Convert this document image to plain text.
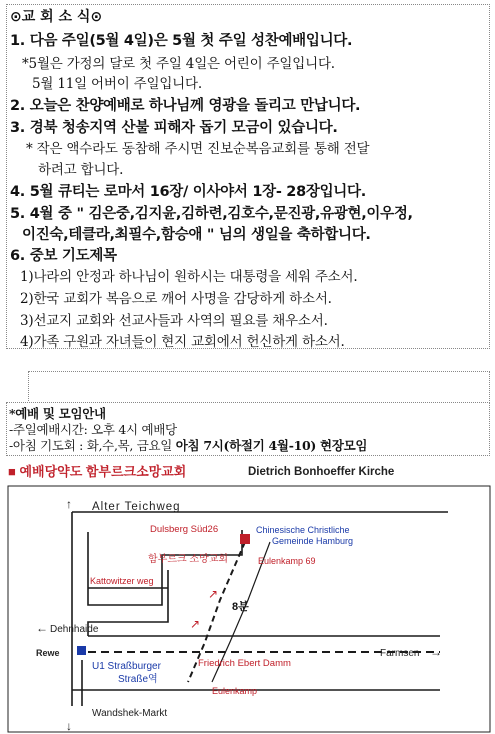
⊙교 회 소 식⊙
1. 다음 주일(5월 4일)은 5월 첫 주일 성찬예배입니다.
*5월은 가정의 달로 첫 주일 4일은 어린이 주일입니다.
5월 11일 어버이 주일입니다.
2. 오늘은 찬양예배로 하나님께 영광을 돌리고 만납니다.
3. 경북 청송지역 산불 피해자 돕기 모금이 있습니다.
* 작은 액수라도 동참해 주시면 진보순복음교회를 통해 전달
하려고 합니다.
4. 5월 큐티는 로마서 16장/ 이사야서 1장- 28장입니다.
5. 4월 중 " 김은중,김지윤,김하련,김호수,문진광,유광현,이우정,
이진숙,테클라,최필수,함승애 " 님의 생일을 축하합니다.
6. 중보 기도제목
1)나라의 안정과 하나님이 원하시는 대통령을 세워 주소서.
2)한국 교회가 복음으로 깨어 사명을 감당하게 하소서.
3)선교지 교회와 선교사들과 사역의 필요를 채우소서.
4)가족 구원과 자녀들이 현지 교회에서 헌신하게 하소서.
*예배 및 모임안내
-주일예배시간: 오후 4시 예배당
-아침 기도회 : 화,수,목, 금요일 아침 7시(하절기 4월-10) 현장모임
■ 예배당약도 함부르크소망교회	Dietrich Bonhoeffer Kirche
↑
←
→
↓
↗
↗
Alter Teichweg
Dulsberg Süd26	Chinesische Christliche
Gemeinde Hamburg
함부르크 소망교회	Eulenkamp 69
Kattowitzer weg
8분
Dehnhaide
Farmsen
Rewe
U1 Straßburger
Straße역
Friedrich Ebert Damm
Eulenkamp
Wandshek-Markt
